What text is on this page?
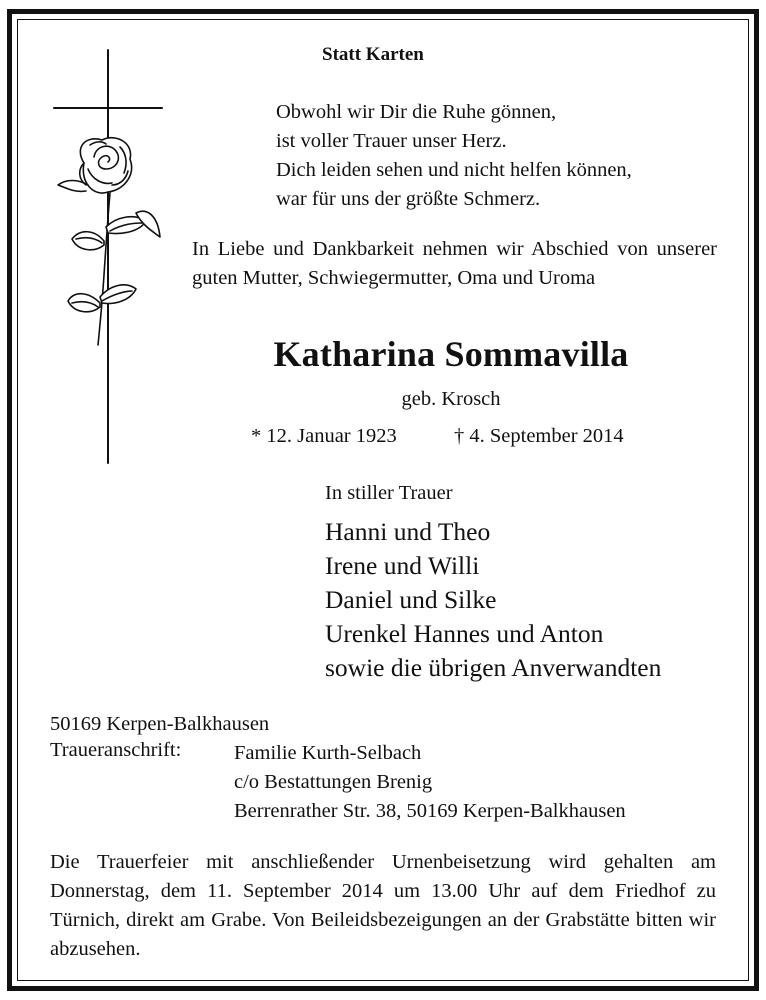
Statt Karten
Obwohl wir Dir die Ruhe gönnen,
ist voller Trauer unser Herz.
Dich leiden sehen und nicht helfen können,
war für uns der größte Schmerz.
In Liebe und Dankbarkeit nehmen wir Abschied von unserer guten Mutter, Schwiegermutter, Oma und Uroma
Katharina Sommavilla
geb. Krosch
* 12. Januar 1923	† 4. September 2014
In stiller Trauer
Hanni und Theo
Irene und Willi
Daniel und Silke
Urenkel Hannes und Anton
sowie die übrigen Anverwandten
50169 Kerpen-Balkhausen
Traueranschrift:	Familie Kurth-Selbach
c/o Bestattungen Brenig
Berrenrather Str. 38, 50169 Kerpen-Balkhausen
Die Trauerfeier mit anschließender Urnenbeisetzung wird gehalten am Donnerstag, dem 11. September 2014 um 13.00 Uhr auf dem Friedhof zu Türnich, direkt am Grabe. Von Beileidsbezeigungen an der Grabstätte bitten wir abzusehen.
